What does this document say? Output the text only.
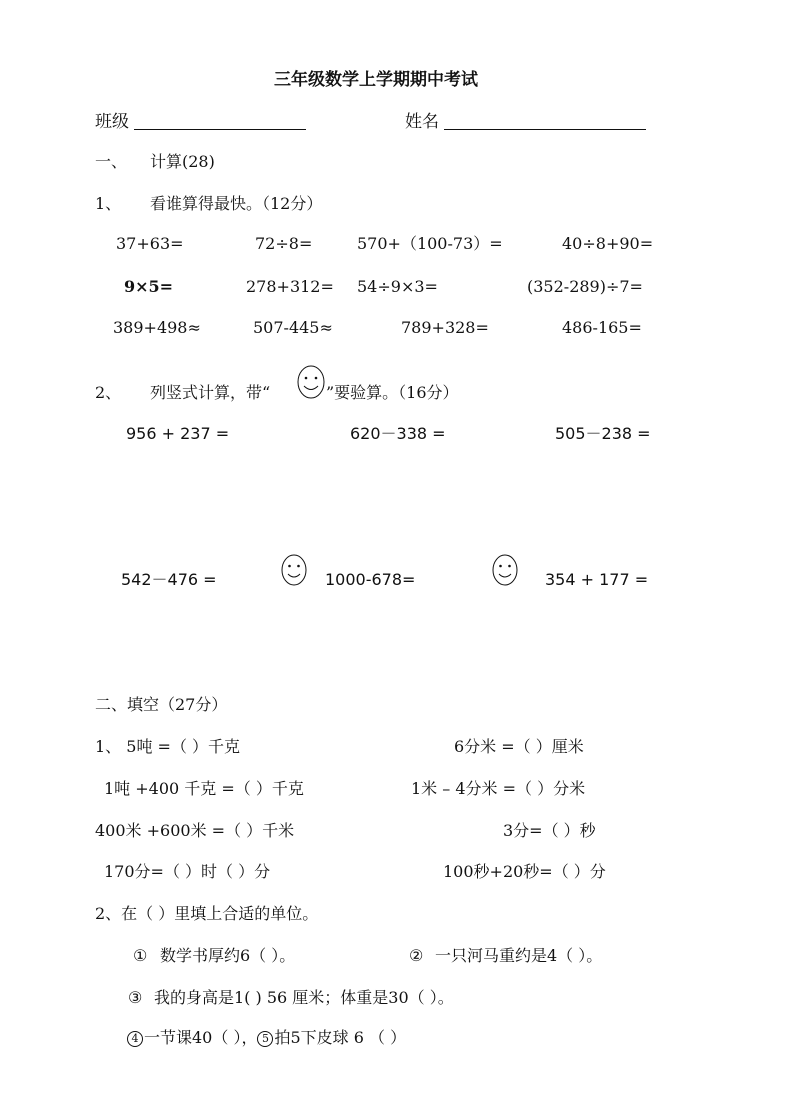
三年级数学上学期期中考试
班级	姓名
一、 计算(28)
1、 看谁算得最快。（12分）
37+63=	72÷8=	570+（100-73）=	40÷8+90=
9×5=	278+312= 54÷9×3=	(352-289)÷7=
389+498≈	507-445≈	789+328=	486-165=
2、 列竖式计算，带“	”要验算。（16分）
956 + 237 =	620－338 =	505－238 =
542－476 =	1000-678=	354 + 177 =
二、填空（27分）
1、 5吨 =（ ）千克	6分米 =（ ）厘米
1吨 +400 千克 =（ ）千克	1米 – 4分米 =（ ）分米
400米 +600米 =（ ）千米	3分=（ ）秒
170分=（ ）时（ ）分	100秒+20秒=（ ）分
2、在（ ）里填上合适的单位。
① 数学书厚约6（ ）。	② 一只河马重约是4（ ）。
③ 我的身高是1( ) 56 厘米；体重是30（ ）。
4 一节课40（ ）， 5 拍5下皮球 6 （ ）
